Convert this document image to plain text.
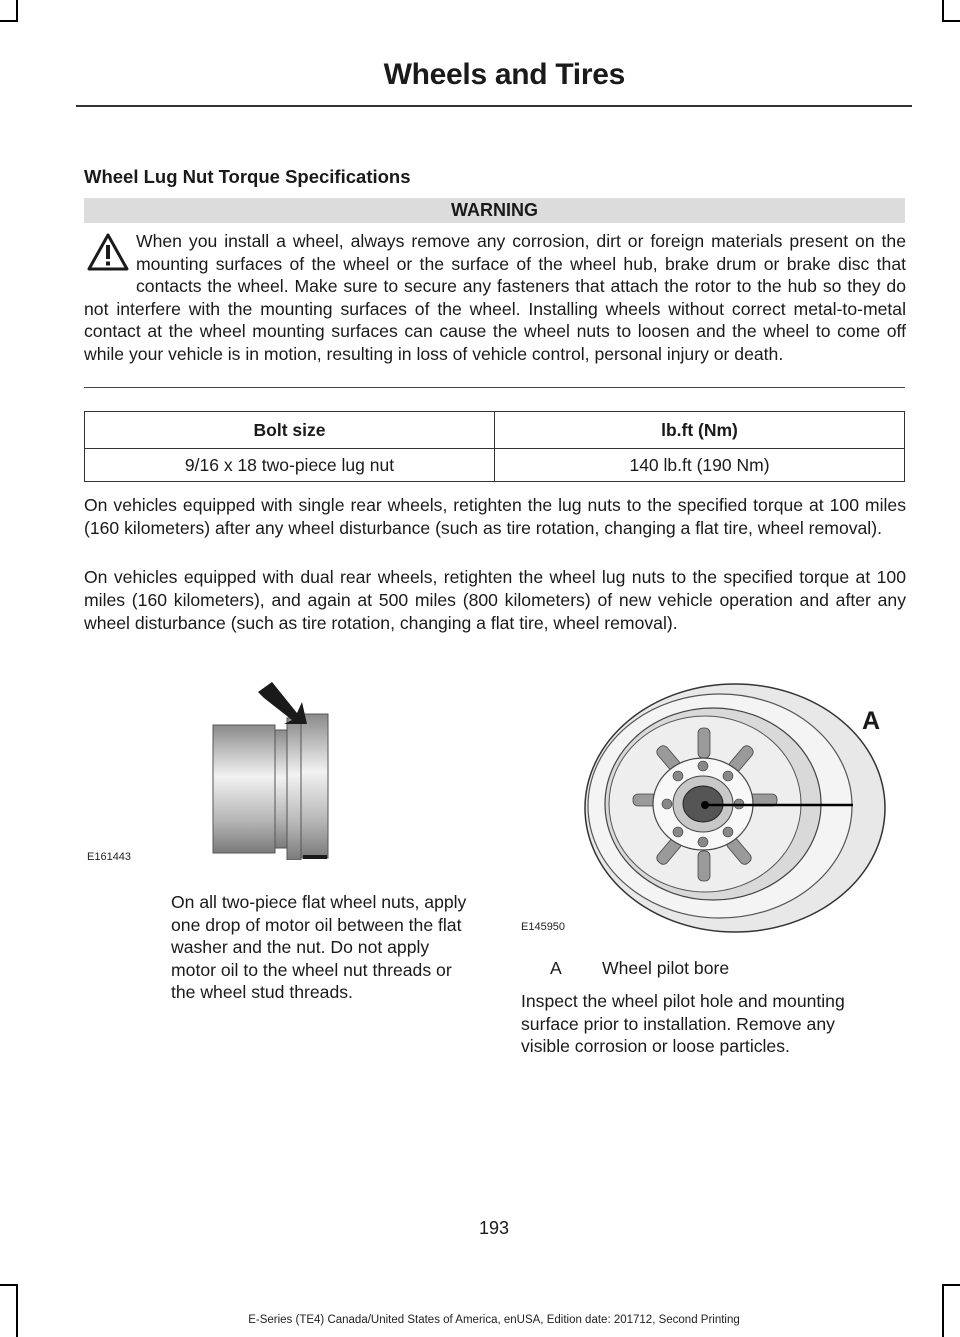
Wheels and Tires
Wheel Lug Nut Torque Specifications
WARNING

When you install a wheel, always remove any corrosion, dirt or foreign materials present on the mounting surfaces of the wheel or the surface of the wheel hub, brake drum or brake disc that contacts the wheel. Make sure to secure any fasteners that attach the rotor to the hub so they do not interfere with the mounting surfaces of the wheel. Installing wheels without correct metal-to-metal contact at the wheel mounting surfaces can cause the wheel nuts to loosen and the wheel to come off while your vehicle is in motion, resulting in loss of vehicle control, personal injury or death.

Bolt size	lb.ft (Nm)
9/16 x 18 two-piece lug nut	140 lb.ft (190 Nm)

On vehicles equipped with single rear wheels, retighten the lug nuts to the specified torque at 100 miles (160 kilometers) after any wheel disturbance (such as tire rotation, changing a flat tire, wheel removal).

On vehicles equipped with dual rear wheels, retighten the wheel lug nuts to the specified torque at 100 miles (160 kilometers), and again at 500 miles (800 kilometers) of new vehicle operation and after any wheel disturbance (such as tire rotation, changing a flat tire, wheel removal).

E161443
A
E145950
On all two-piece flat wheel nuts, apply one drop of motor oil between the flat washer and the nut. Do not apply motor oil to the wheel nut threads or the wheel stud threads.
A Wheel pilot bore
Inspect the wheel pilot hole and mounting surface prior to installation. Remove any visible corrosion or loose particles.
193
E-Series (TE4) Canada/United States of America, enUSA, Edition date: 201712, Second Printing
